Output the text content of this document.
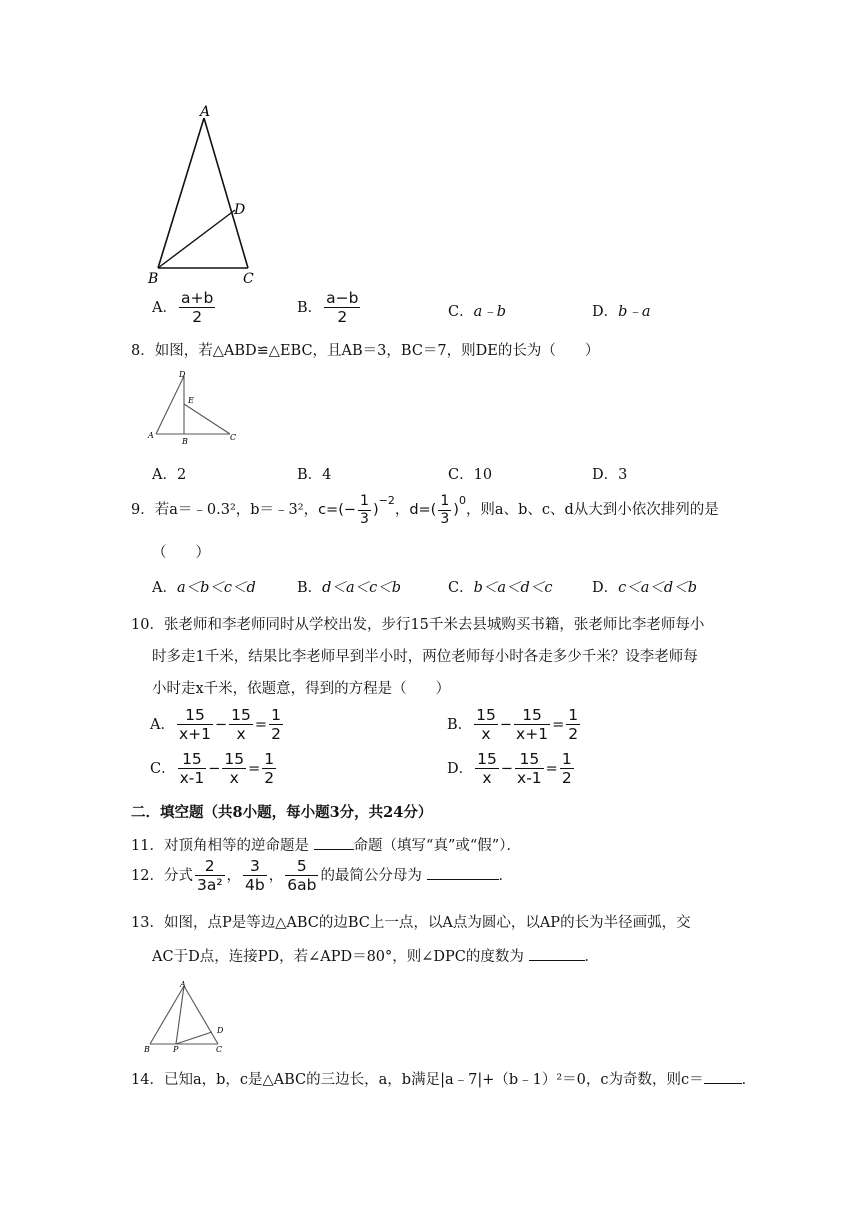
A
D
B	C
A． $\frac{a+b}{2}$	B． $\frac{a-b}{2}$	C．a﹣b	D．b﹣a
8．如图，若△ABD≌△EBC，且AB＝3，BC＝7，则DE的长为（　　）
D
E
A
B	C
A．2	B．4	C．10	D．3
9．若a＝﹣0.3²，b＝﹣3²，$c=(- \frac{1}{3} )^{-2}$，$d=( \frac{1}{3} )^0$，则a、b、c、d从大到小依次排列的是
（　　）
A．a＜b＜c＜d	B．d＜a＜c＜b	C．b＜a＜d＜c	D．c＜a＜d＜b
10．张老师和李老师同时从学校出发，步行15千米去县城购买书籍，张老师比李老师每小
时多走1千米，结果比李老师早到半小时，两位老师每小时各走多少千米？设李老师每
小时走x千米，依题意，得到的方程是（　　）
A． $\frac{15}{x+1} - \frac{15}{x} = \frac{1}{2}$	B． $\frac{15}{x} - \frac{15}{x+1} = \frac{1}{2}$
C． $\frac{15}{x-1} - \frac{15}{x} = \frac{1}{2}$	D． $\frac{15}{x} - \frac{15}{x-1} = \frac{1}{2}$
二．填空题（共8小题，每小题3分，共24分）
11．对顶角相等的逆命题是	命题（填写“真”或“假”）．
12．分式 $\frac{2}{\text{3a²}}$ ， $\frac{3}{4b}$ ， $\frac{5}{6ab}$ 的最简公分母为	．
13．如图，点P是等边△ABC的边BC上一点，以A点为圆心，以AP的长为半径画弧，交
AC于D点，连接PD，若∠APD＝80°，则∠DPC的度数为	．
A
B	P	C
D
14．已知a，b，c是△ABC的三边长，a，b满足|a﹣7|+（b﹣1）²＝0，c为奇数，则c＝	．
